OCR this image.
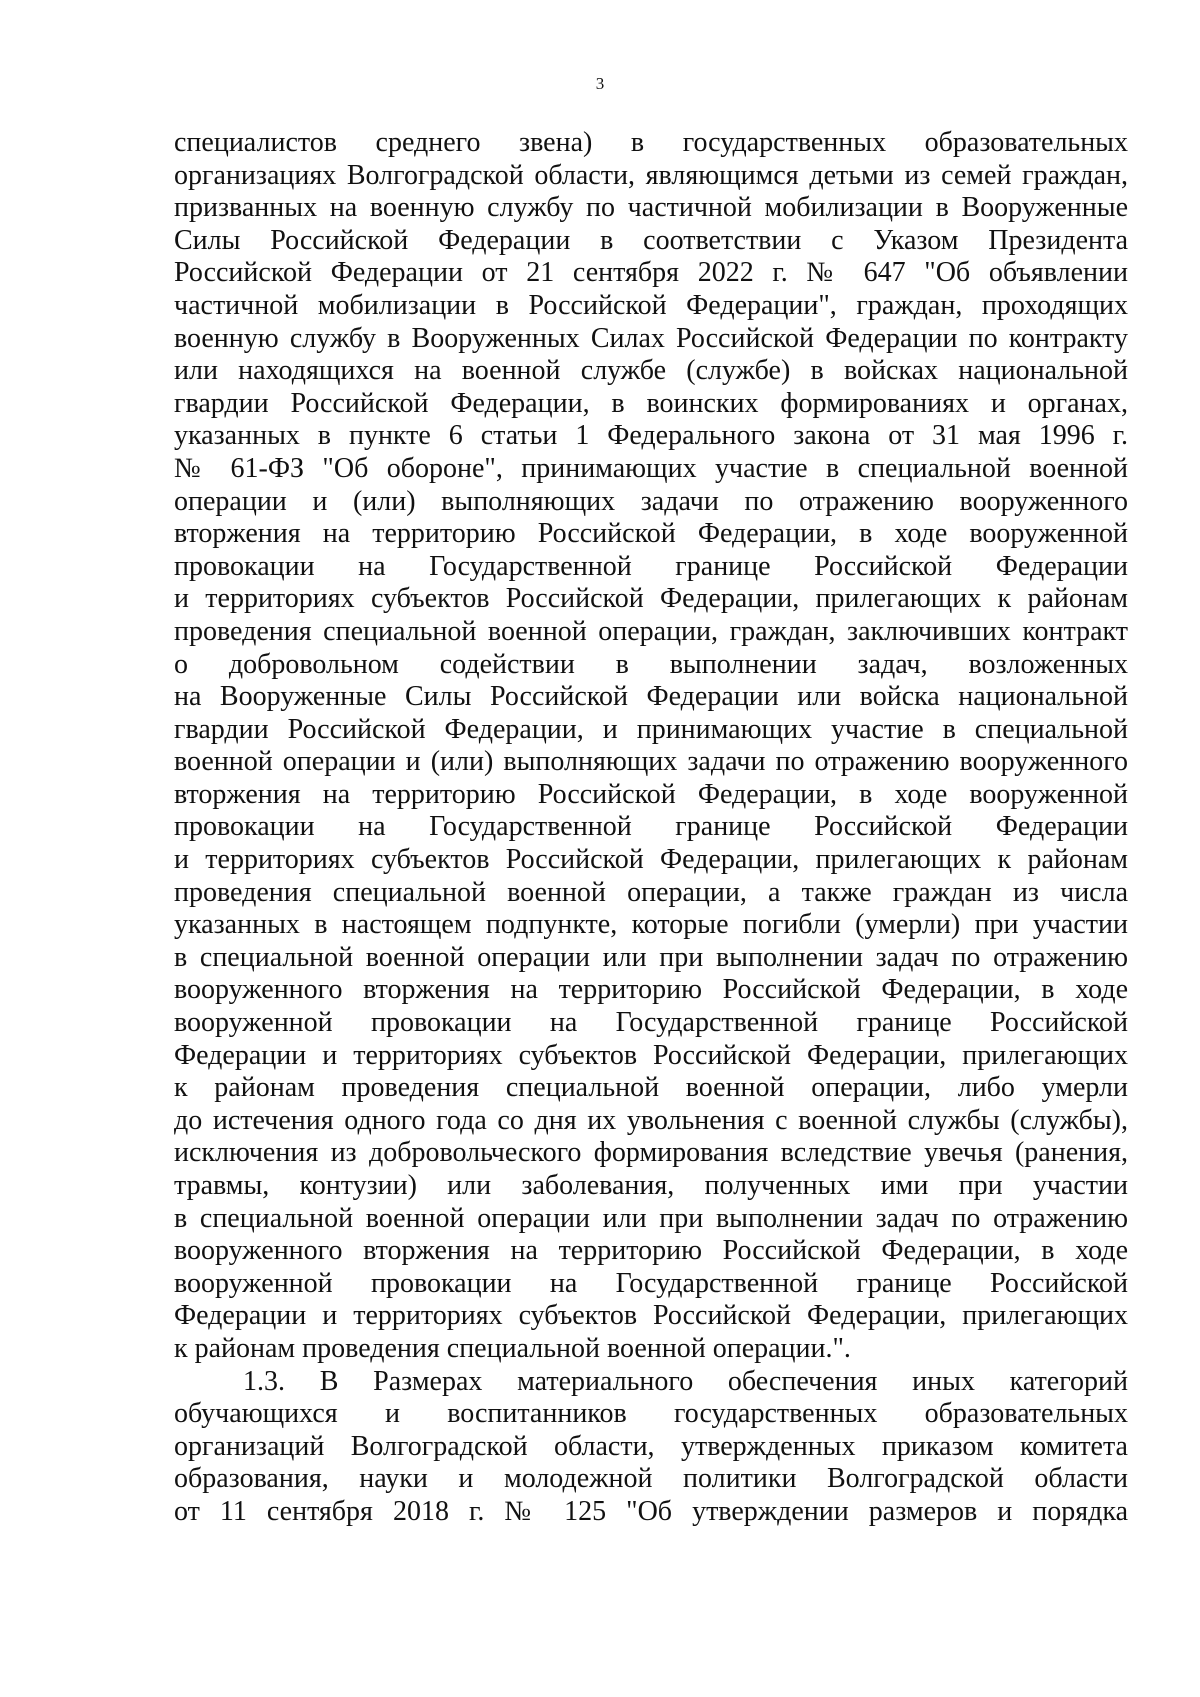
3
специалистов среднего звена) в государственных образовательных
организациях Волгоградской области, являющимся детьми из семей граждан,
призванных на военную службу по частичной мобилизации в Вооруженные
Силы Российской Федерации в соответствии с Указом Президента
Российской Федерации от 21 сентября 2022 г. № 647 "Об объявлении
частичной мобилизации в Российской Федерации", граждан, проходящих
военную службу в Вооруженных Силах Российской Федерации по контракту
или находящихся на военной службе (службе) в войсках национальной
гвардии Российской Федерации, в воинских формированиях и органах,
указанных в пункте 6 статьи 1 Федерального закона от 31 мая 1996 г.
№ 61-ФЗ "Об обороне", принимающих участие в специальной военной
операции и (или) выполняющих задачи по отражению вооруженного
вторжения на территорию Российской Федерации, в ходе вооруженной
провокации на Государственной границе Российской Федерации
и территориях субъектов Российской Федерации, прилегающих к районам
проведения специальной военной операции, граждан, заключивших контракт
о добровольном содействии в выполнении задач, возложенных
на Вооруженные Силы Российской Федерации или войска национальной
гвардии Российской Федерации, и принимающих участие в специальной
военной операции и (или) выполняющих задачи по отражению вооруженного
вторжения на территорию Российской Федерации, в ходе вооруженной
провокации на Государственной границе Российской Федерации
и территориях субъектов Российской Федерации, прилегающих к районам
проведения специальной военной операции, а также граждан из числа
указанных в настоящем подпункте, которые погибли (умерли) при участии
в специальной военной операции или при выполнении задач по отражению
вооруженного вторжения на территорию Российской Федерации, в ходе
вооруженной провокации на Государственной границе Российской
Федерации и территориях субъектов Российской Федерации, прилегающих
к районам проведения специальной военной операции, либо умерли
до истечения одного года со дня их увольнения с военной службы (службы),
исключения из добровольческого формирования вследствие увечья (ранения,
травмы, контузии) или заболевания, полученных ими при участии
в специальной военной операции или при выполнении задач по отражению
вооруженного вторжения на территорию Российской Федерации, в ходе
вооруженной провокации на Государственной границе Российской
Федерации и территориях субъектов Российской Федерации, прилегающих
к районам проведения специальной военной операции.".
1.3. В Размерах материального обеспечения иных категорий
обучающихся и воспитанников государственных образовательных
организаций Волгоградской области, утвержденных приказом комитета
образования, науки и молодежной политики Волгоградской области
от 11 сентября 2018 г. № 125 "Об утверждении размеров и порядка
